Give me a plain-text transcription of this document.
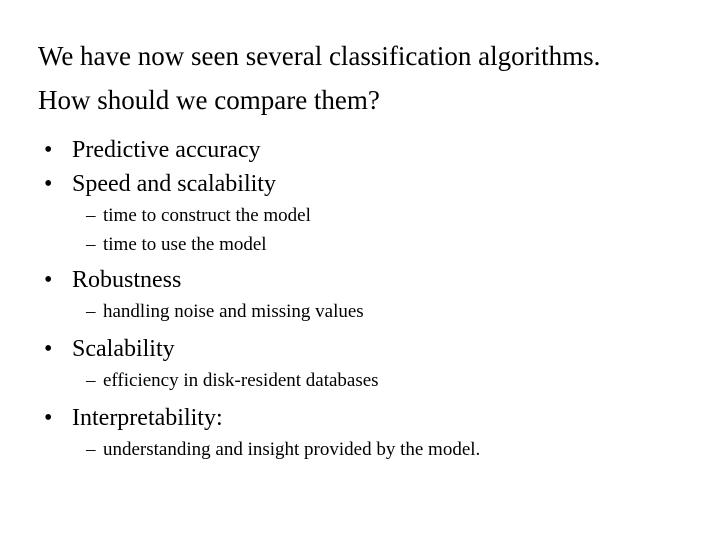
We have now seen several classification algorithms.
How should we compare them?
• Predictive accuracy
• Speed and scalability
– time to construct the model
– time to use the model
• Robustness
– handling noise and missing values
• Scalability
– efficiency in disk-resident databases
• Interpretability:
– understanding and insight provided by the model.
